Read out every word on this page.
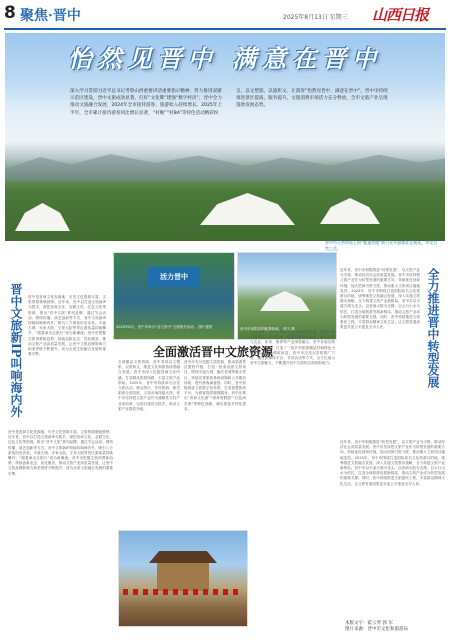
8 聚焦·晋中	2025年8月13日 星期三 山西日报
怡然见晋中 满意在晋中
深入学习贯彻习近平总书记考察山西重要讲话重要指示精神，努力推进双碳示范区建设，晋中文旅成效显著。打好“文化牌”建强“数字经济”，晋中全力推动文旅融合发展，2024年全市接待游客、旅游收入持续增长。2025年上半年，全市累计接待游客同比增长显著，“村晚”“村BA”等特色活动精彩纷呈，以文塑旅、以旅彰文，让游客“怡然见晋中，满意在晋中”。晋中市持续推进景区提质、服务提升，文旅消费市场活力充分释放，全市文旅产业呈现蓬勃发展态势。
晋中市天然草原上的“帐篷营地”吸引众多游客驻足观光，享受自然之美。
晋中文旅新IP叫响海内外	晋中是晋商文化发源地，历史文化资源丰富，文旅资源禀赋独特。近年来，晋中以打造文旅新IP为抓手，深挖晋商文化、农耕文化、红色文化等资源，推出“晋中文旅”系列品牌，通过节会活动、网络传播、演艺创新等方式，晋中文旅新IP持续叫响海内外，吸引八方游客纷至沓来。平遥古城、乔家大院、王家大院等景区游客量持续攀升，“跟着演出去旅行”成为新潮流。晋中市把握文旅消费新趋势，持续创新业态、优化服务，推动文旅产业高质量发展，让晋中文旅品牌影响力和美誉度不断提升，成为全省文旅融合发展的重要引擎。
晋中是晋商文化发源地，历史文化资源丰富，文旅资源禀赋独特。近年来，晋中以打造文旅新IP为抓手，深挖晋商文化、农耕文化、红色文化等资源，推出“晋中文旅”系列品牌，通过节会活动、网络传播、演艺创新等方式，晋中文旅新IP持续叫响海内外，吸引八方游客纷至沓来。平遥古城、乔家大院、王家大院等景区游客量持续攀升，“跟着演出去旅行”成为新潮流。晋中市把握文旅消费新趋势，持续创新业态、优化服务，推动文旅产业高质量发展，让晋中文旅品牌影响力和美誉度不断提升，成为全省文旅融合发展的重要引擎。
活力晋中
2025年8月，晋中市举办“活力晋中”文旅推介活动。 图片提供	晋中市寿阳县的帐篷营地。 郭文 摄
全面激活晋中文旅资源
全面激活文旅资源，晋中坚持以文塑旅、以旅彰文，推进文化和旅游深度融合发展。晋中市深入挖掘晋商文化内涵，打造精品旅游线路，丰富文旅产品供给。2025年，晋中市持续举办各类文旅活动，推动景区、乡村旅游、研学旅游全面发展，文旅市场持续火热。晋中市坚持把文旅产业作为战略性支柱产业来培育，以项目建设为抓手，推动文旅产业提质升级。
晋中市充分挖掘文旅资源，推动旅游景区提档升级，打造一批高品质文旅项目。围绕平遥古城、榆次老城等重点景区，持续完善旅游基础设施和公共服务体系，提升游客满意度。同时，晋中积极推进文旅数字化转型，打造智慧旅游平台，为游客提供便捷服务。晋中还推出“晋商文化游”“康养度假游”“红色研学游”等特色线路，满足游客多样化需求。
与此同时，晋中市持续推进全域旅游发展，积极培育乡村旅游、休闲农业、康养旅游等新业态，推动文旅与农业、体育、康养等产业深度融合。晋中各地以特色资源为依托，打造了一批乡村旅游精品村和特色小镇，带动群众增收致富。晋中市还加大宣传推广力度，通过新媒体平台、节庆活动等方式，全方位展示晋中文旅魅力，不断提升晋中文旅知名度和影响力。	全力推进晋中转型发展
近年来，晋中市积极推进“转型发展”，以文旅产业为引领，推动经济社会高质量发展。晋中市坚持把文旅产业作为转型发展的重要方向，持续优化营商环境，加大招商引资力度，推动重大文旅项目落地见效。2025年，晋中市围绕打造国际知名文化旅游目的地，统筹推进文旅融合发展，深入实施文旅强市战略，全力构建文旅产业新格局。晋中市以平遥古城为龙头，以晋商大院为支撑，以太行山水为依托，打造全域旅游发展新格局，推动文旅产业成为转型发展的重要支撑。同时，晋中持续推进文旅惠民工程，丰富群众精神文化生活，让文旅发展成果更多更公平惠及全市人民。
近年来，晋中市积极推进“转型发展”，以文旅产业为引领，推动经济社会高质量发展。晋中市坚持把文旅产业作为转型发展的重要方向，持续优化营商环境，加大招商引资力度，推动重大文旅项目落地见效。2025年，晋中市围绕打造国际知名文化旅游目的地，统筹推进文旅融合发展，深入实施文旅强市战略，全力构建文旅产业新格局。晋中市以平遥古城为龙头，以晋商大院为支撑，以太行山水为依托，打造全域旅游发展新格局，推动文旅产业成为转型发展的重要支撑。同时，晋中持续推进文旅惠民工程，丰富群众精神文化生活，让文旅发展成果更多更公平惠及全市人民。
本版文字：霍云琴 郭 军
图片来源：晋中市文化和旅游局
